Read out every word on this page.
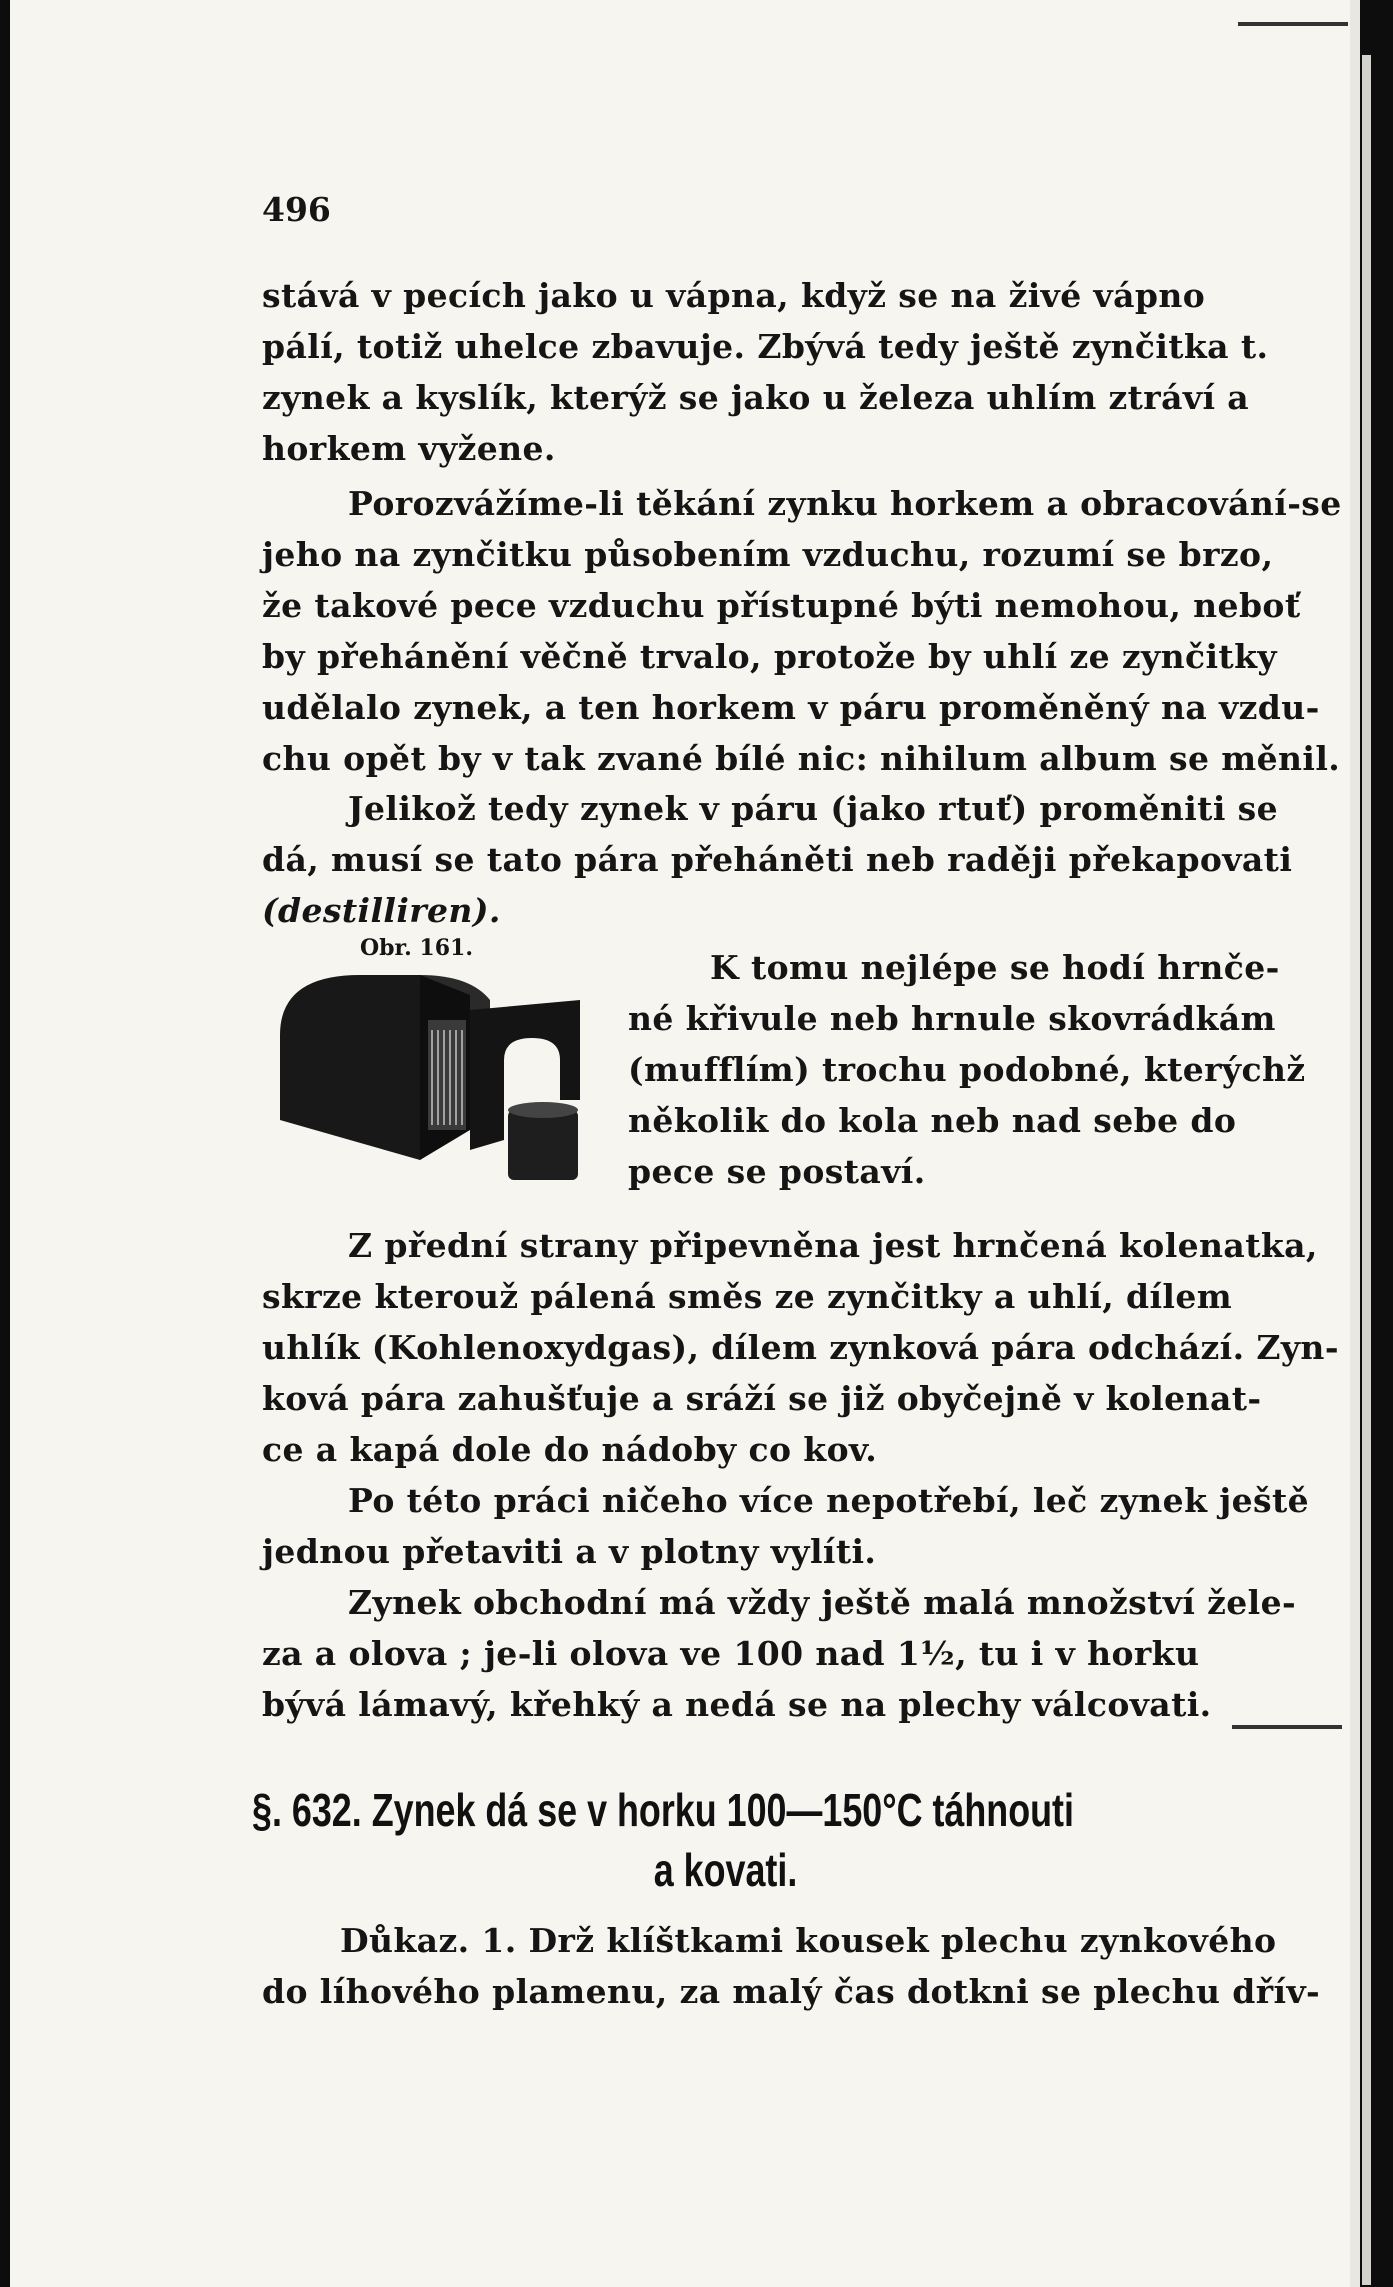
496
stává v pecích jako u vápna, když se na živé vápno
pálí, totiž uhelce zbavuje. Zbývá tedy ještě zynčitka t.
zynek a kyslík, kterýž se jako u železa uhlím ztráví a
horkem vyžene.
Porozvážíme-li těkání zynku horkem a obracování-se
jeho na zynčitku působením vzduchu, rozumí se brzo,
že takové pece vzduchu přístupné býti nemohou, neboť
by přehánění věčně trvalo, protože by uhlí ze zynčitky
udělalo zynek, a ten horkem v páru proměněný na vzdu-
chu opět by v tak zvané bílé nic: nihilum album se měnil.
Jelikož tedy zynek v páru (jako rtuť) proměniti se
dá, musí se tato pára přeháněti neb raději překapovati
(destilliren).
Obr. 161.	K tomu nejlépe se hodí hrnče-
né křivule neb hrnule skovrádkám
(mufflím) trochu podobné, kterýchž
několik do kola neb nad sebe do
pece se postaví.
Z přední strany připevněna jest hrnčená kolenatka,
skrze kterouž pálená směs ze zynčitky a uhlí, dílem
uhlík (Kohlenoxydgas), dílem zynková pára odchází. Zyn-
ková pára zahušťuje a sráží se již obyčejně v kolenat-
ce a kapá dole do nádoby co kov.
Po této práci ničeho více nepotřebí, leč zynek ještě
jednou přetaviti a v plotny vylíti.
Zynek obchodní má vždy ještě malá množství žele-
za a olova ; je-li olova ve 100 nad 1½, tu i v horku
bývá lámavý, křehký a nedá se na plechy válcovati.
§. 632. Zynek dá se v horku 100—150°C táhnouti
a kovati.
Důkaz. 1. Drž klíštkami kousek plechu zynkového
do líhového plamenu, za malý čas dotkni se plechu dřív-
